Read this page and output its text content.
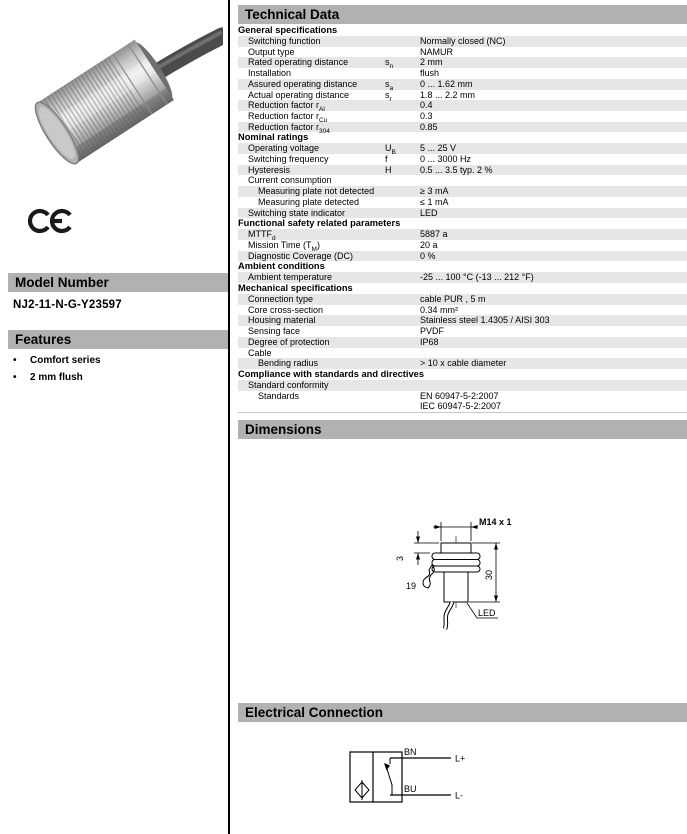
Model Number
NJ2-11-N-G-Y23597
Features
• Comfort series
• 2 mm flush
Technical Data
General specifications
Switching function	Normally closed (NC)
Output type	NAMUR
Rated operating distance	$s_n$	2 mm
Installation	flush
Assured operating distance	$s_a$	0 ... 1.62 mm
Actual operating distance	$s_r$	1.8 ... 2.2 mm
Reduction factor $r_{Al}$	0.4
Reduction factor $r_{Cu}$	0.3
Reduction factor $r_{304}$	0.85
Nominal ratings
Operating voltage	$U_B$	5 ... 25 V
Switching frequency	f	0 ... 3000 Hz
Hysteresis	H	0.5 ... 3.5 typ. 2 %
Current consumption
Measuring plate not detected	≥ 3 mA
Measuring plate detected	≤ 1 mA
Switching state indicator	LED
Functional safety related parameters
$MTTF_d$	5887 a
Mission Time $(T_M)$	20 a
Diagnostic Coverage (DC)	0 %
Ambient conditions
Ambient temperature	-25 ... 100 °C (-13 ... 212 °F)
Mechanical specifications
Connection type	cable PUR , 5 m
Core cross-section	0.34 mm²
Housing material	Stainless steel 1.4305 / AISI 303
Sensing face	PVDF
Degree of protection	IP68
Cable
Bending radius	> 10 x cable diameter
Compliance with standards and directives
Standard conformity
Standards	EN 60947-5-2:2007
IEC 60947-5-2:2007
Dimensions
M14 x 1
3
19
30
LED
Electrical Connection
BN
L+
BU
L-
